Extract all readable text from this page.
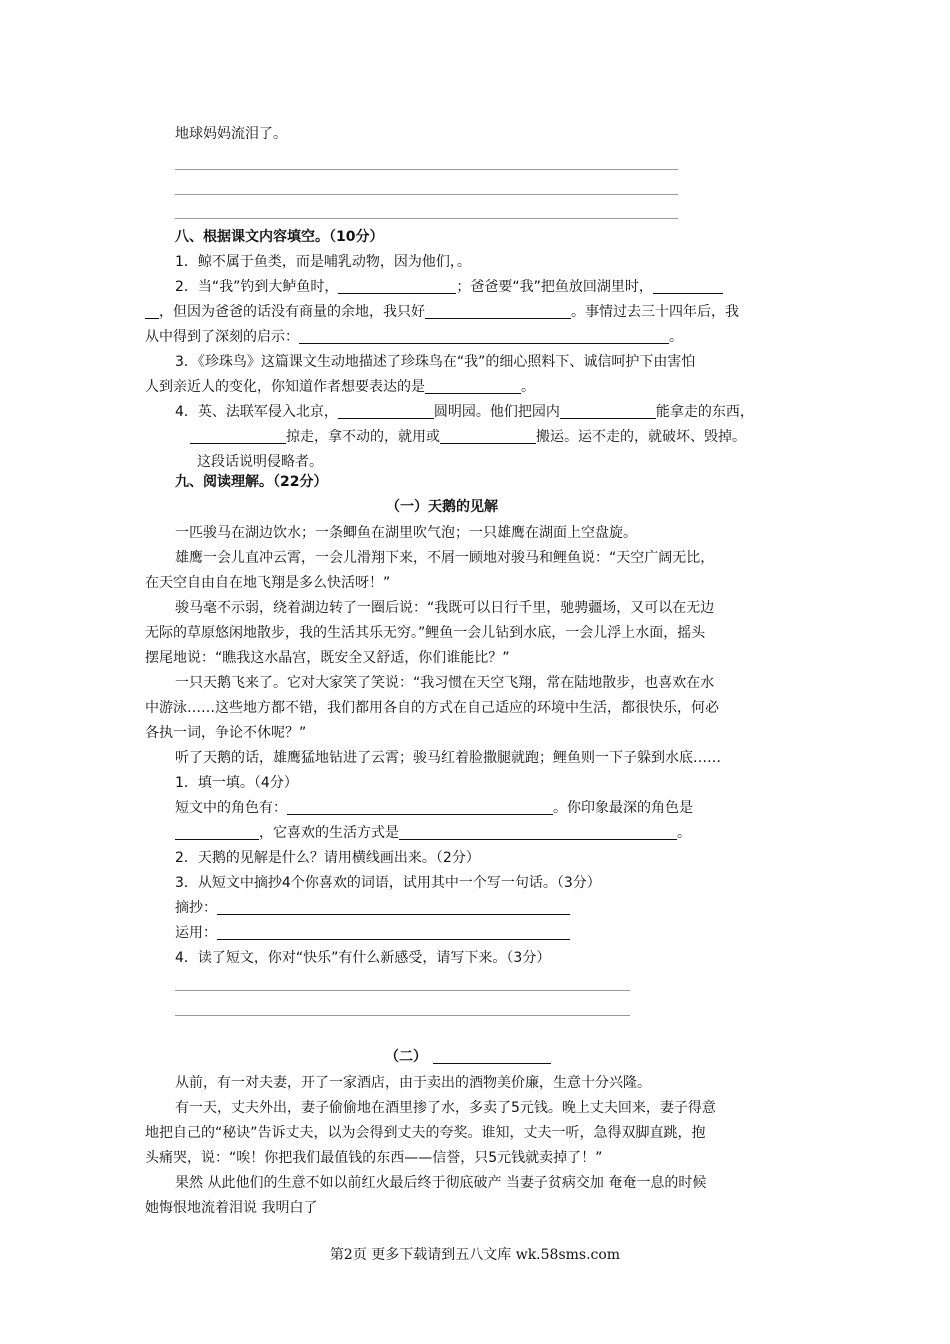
地球妈妈流泪了。
八、根据课文内容填空。（10分）
1．鲸不属于鱼类，而是哺乳动物，因为他们，。
2．当“我”钓到大鲈鱼时，	；爸爸要“我”把鱼放回湖里时，
，但因为爸爸的话没有商量的余地，我只好	。事情过去三十四年后，我
从中得到了深刻的启示：	。
3．《珍珠鸟》这篇课文生动地描述了珍珠鸟在“我”的细心照料下、诚信呵护下由害怕
人到亲近人的变化，你知道作者想要表达的是	。
4．英、法联军侵入北京，	圆明园。他们把园内	能拿走的东西，
掠走，拿不动的，就用或	搬运。运不走的，就破坏、毁掉。
这段话说明侵略者。
九、阅读理解。（22分）
（一）天鹅的见解
一匹骏马在湖边饮水；一条鲫鱼在湖里吹气泡；一只雄鹰在湖面上空盘旋。
雄鹰一会儿直冲云霄，一会儿滑翔下来，不屑一顾地对骏马和鲤鱼说：“天空广阔无比，
在天空自由自在地飞翔是多么快活呀！”
骏马毫不示弱，绕着湖边转了一圈后说：“我既可以日行千里，驰骋疆场，又可以在无边
无际的草原悠闲地散步，我的生活其乐无穷。”鲤鱼一会儿钻到水底，一会儿浮上水面，摇头
摆尾地说：“瞧我这水晶宫，既安全又舒适，你们谁能比？”
一只天鹅飞来了。它对大家笑了笑说：“我习惯在天空飞翔，常在陆地散步，也喜欢在水
中游泳……这些地方都不错，我们都用各自的方式在自己适应的环境中生活，都很快乐，何必
各执一词，争论不休呢？”
听了天鹅的话，雄鹰猛地钻进了云霄；骏马红着脸撒腿就跑；鲤鱼则一下子躲到水底……
1．填一填。（4分）
短文中的角色有：	。你印象最深的角色是
，它喜欢的生活方式是	。
2．天鹅的见解是什么？请用横线画出来。（2分）
3．从短文中摘抄4个你喜欢的词语，试用其中一个写一句话。（3分）
摘抄：
运用：
4．读了短文，你对“快乐”有什么新感受，请写下来。（3分）
（二）
从前，有一对夫妻，开了一家酒店，由于卖出的酒物美价廉，生意十分兴隆。
有一天，丈夫外出，妻子偷偷地在酒里掺了水，多卖了5元钱。晚上丈夫回来，妻子得意
地把自己的“秘诀”告诉丈夫，以为会得到丈夫的夸奖。谁知，丈夫一听，急得双脚直跳，抱
头痛哭，说：“唉！你把我们最值钱的东西——信誉，只5元钱就卖掉了！”
果然 从此他们的生意不如以前红火最后终于彻底破产 当妻子贫病交加 奄奄一息的时候
她悔恨地流着泪说 我明白了
第2页 更多下载请到五八文库 wk.58sms.com
